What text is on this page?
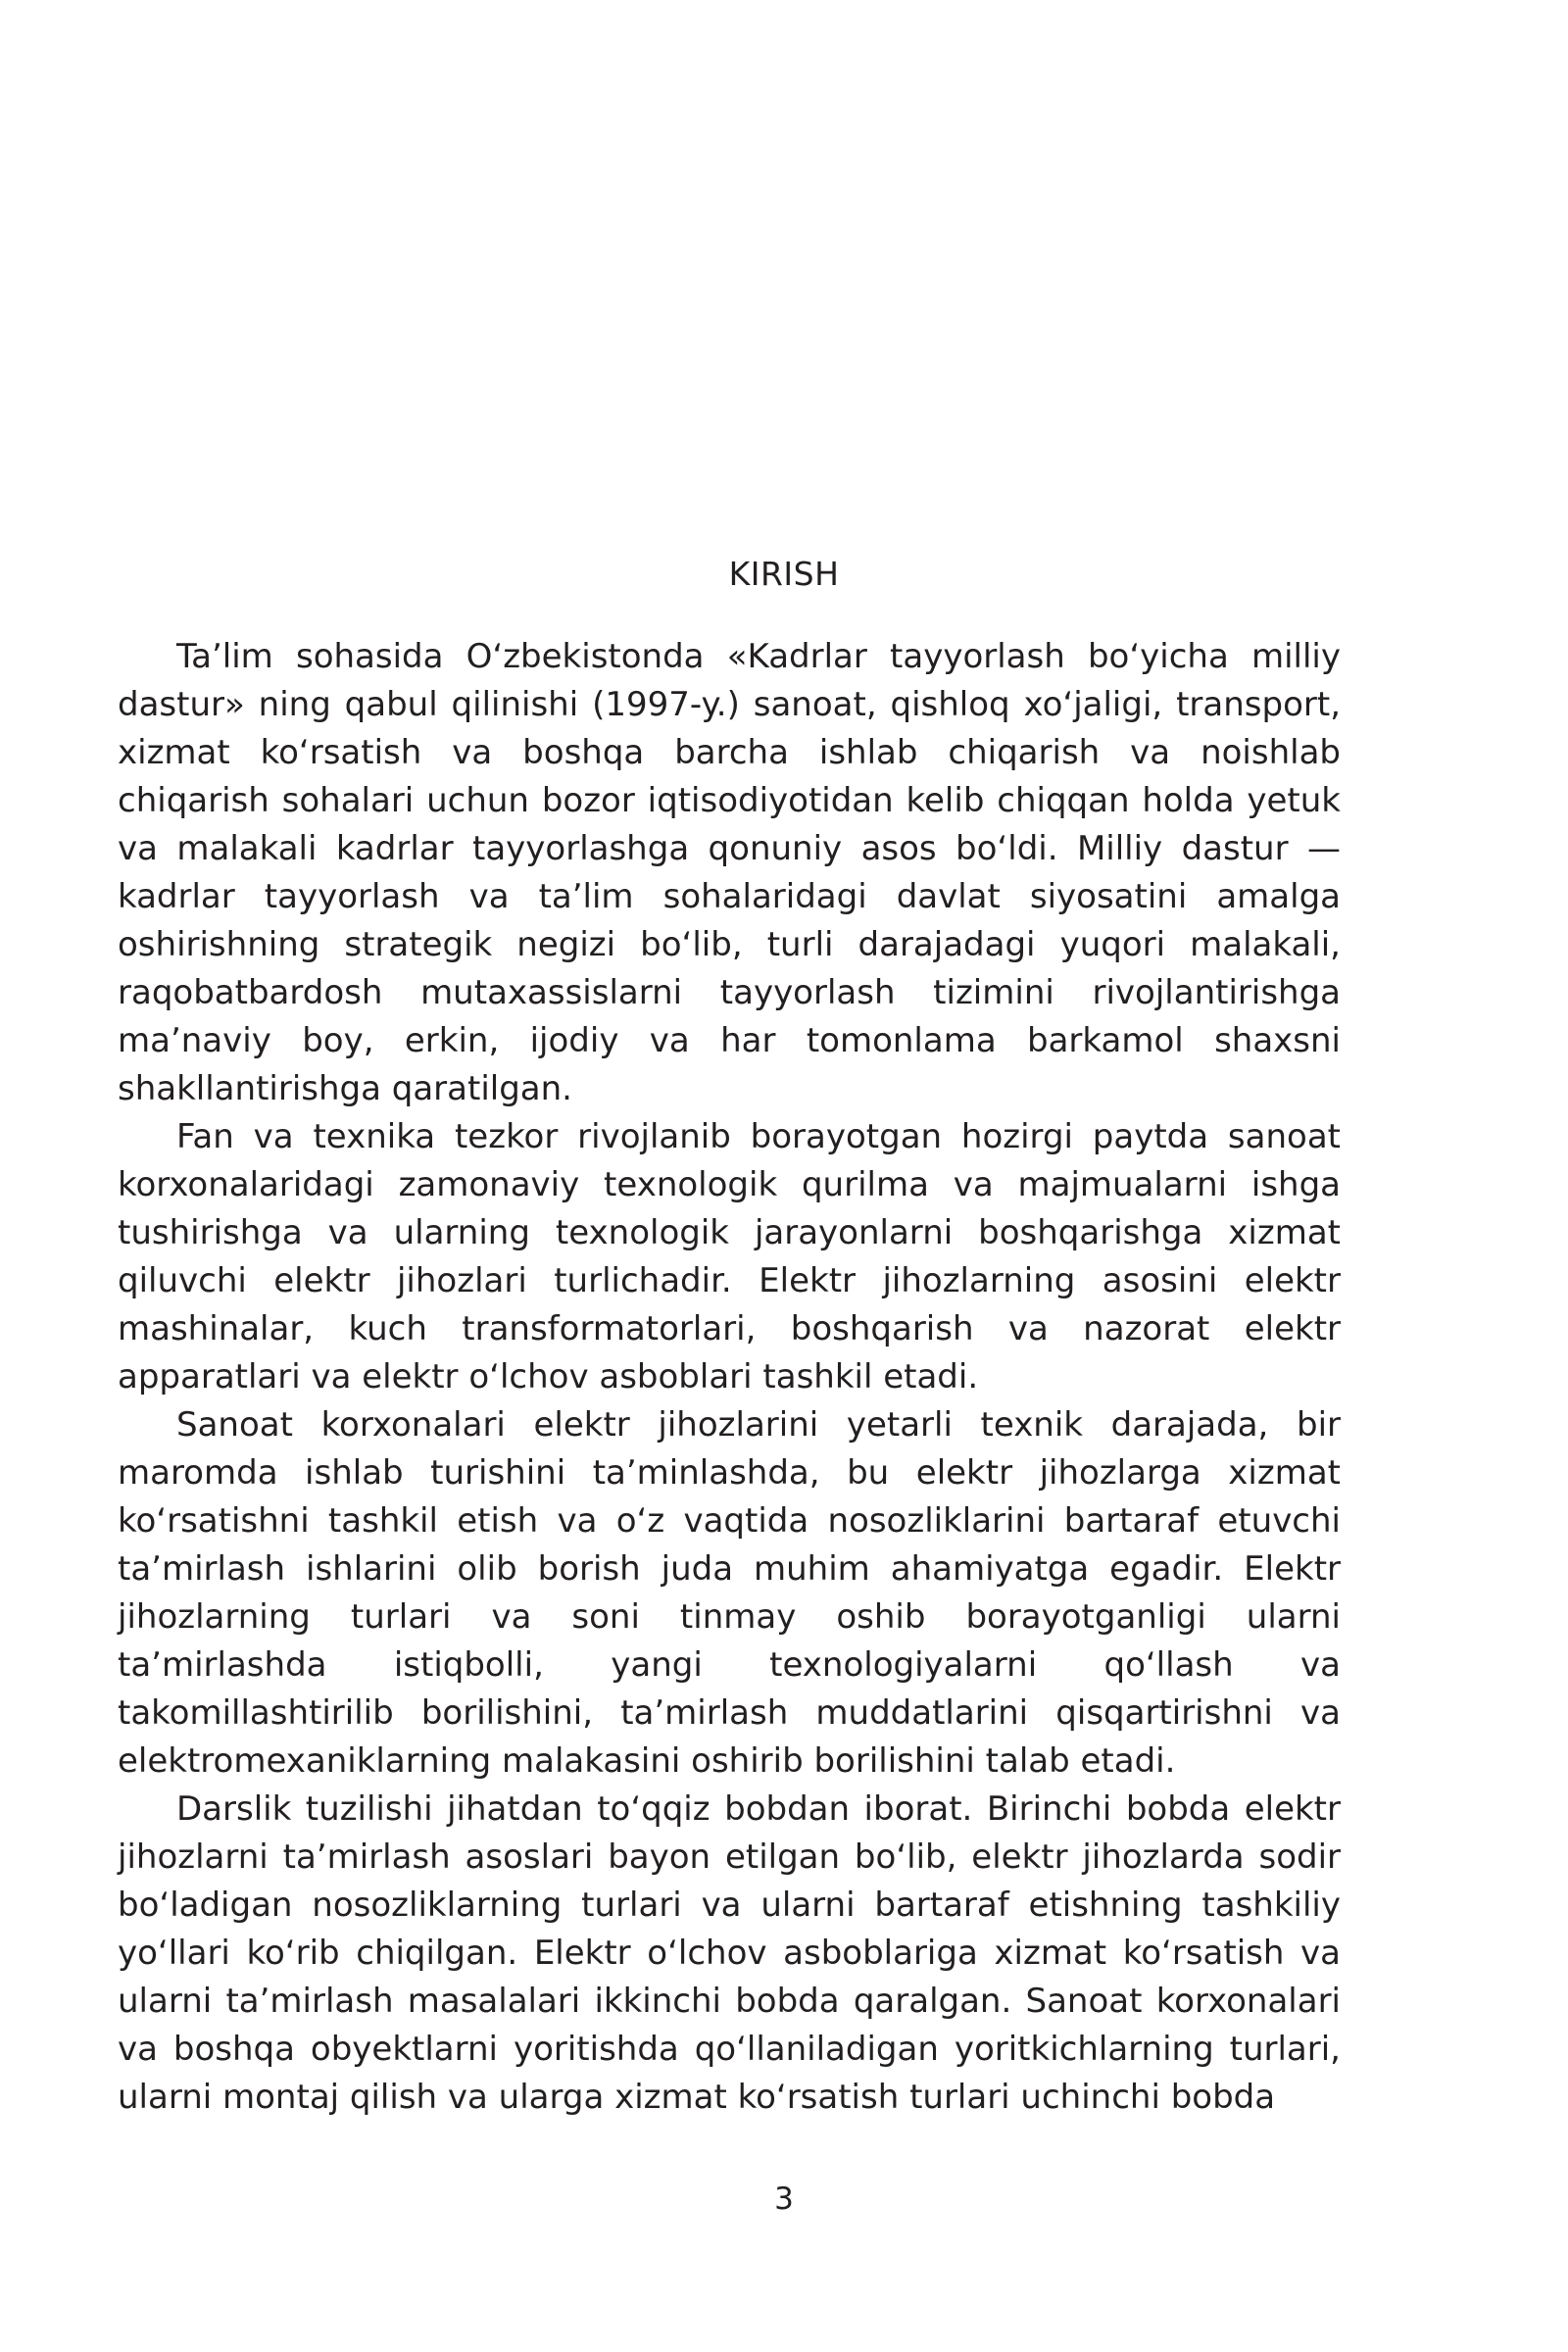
KIRISH

Ta’lim sohasida O‘zbekistonda «Kadrlar tayyorlash bo‘yicha milliy dastur» ning qabul qilinishi (1997-y.) sanoat, qishloq xo‘jaligi, transport, xizmat ko‘rsatish va boshqa barcha ishlab chiqarish va noishlab chiqarish sohalari uchun bozor iqtisodiyotidan kelib chiqqan holda yetuk va malakali kadrlar tayyorlashga qonuniy asos bo‘ldi. Milliy dastur — kadrlar tayyorlash va ta’lim sohalaridagi davlat siyosatini amalga oshirishning strategik negizi bo‘lib, turli darajadagi yuqori malakali, raqobatbardosh mutaxassislarni tayyorlash tizimini rivojlantirishga ma’naviy boy, erkin, ijodiy va har tomonlama barkamol shaxsni shakllantirishga qaratilgan.

Fan va texnika tezkor rivojlanib borayotgan hozirgi paytda sanoat korxonalaridagi zamonaviy texnologik qurilma va majmualarni ishga tushirishga va ularning texnologik jarayonlarni boshqarishga xizmat qiluvchi elektr jihozlari turlichadir. Elektr jihozlarning asosini elektr mashinalar, kuch transformatorlari, boshqarish va nazorat elektr apparatlari va elektr o‘lchov asboblari tashkil etadi.

Sanoat korxonalari elektr jihozlarini yetarli texnik darajada, bir maromda ishlab turishini ta’minlashda, bu elektr jihozlarga xizmat ko‘rsatishni tashkil etish va o‘z vaqtida nosozliklarini bartaraf etuvchi ta’mirlash ishlarini olib borish juda muhim ahamiyatga egadir. Elektr jihozlarning turlari va soni tinmay oshib borayotganligi ularni ta’mirlashda istiqbolli, yangi texnologiyalarni qo‘llash va takomillashtirilib borilishini, ta’mirlash muddatlarini qisqartirishni va elektromexaniklarning malakasini oshirib borilishini talab etadi.

Darslik tuzilishi jihatdan to‘qqiz bobdan iborat. Birinchi bobda elektr jihozlarni ta’mirlash asoslari bayon etilgan bo‘lib, elektr jihozlarda sodir bo‘ladigan nosozliklarning turlari va ularni bartaraf etishning tashkiliy yo‘llari ko‘rib chiqilgan. Elektr o‘lchov asboblariga xizmat ko‘rsatish va ularni ta’mirlash masalalari ikkinchi bobda qaralgan. Sanoat korxonalari va boshqa obyektlarni yoritishda qo‘llaniladigan yoritkichlarning turlari, ularni montaj qilish va ularga xizmat ko‘rsatish turlari uchinchi bobda

3
